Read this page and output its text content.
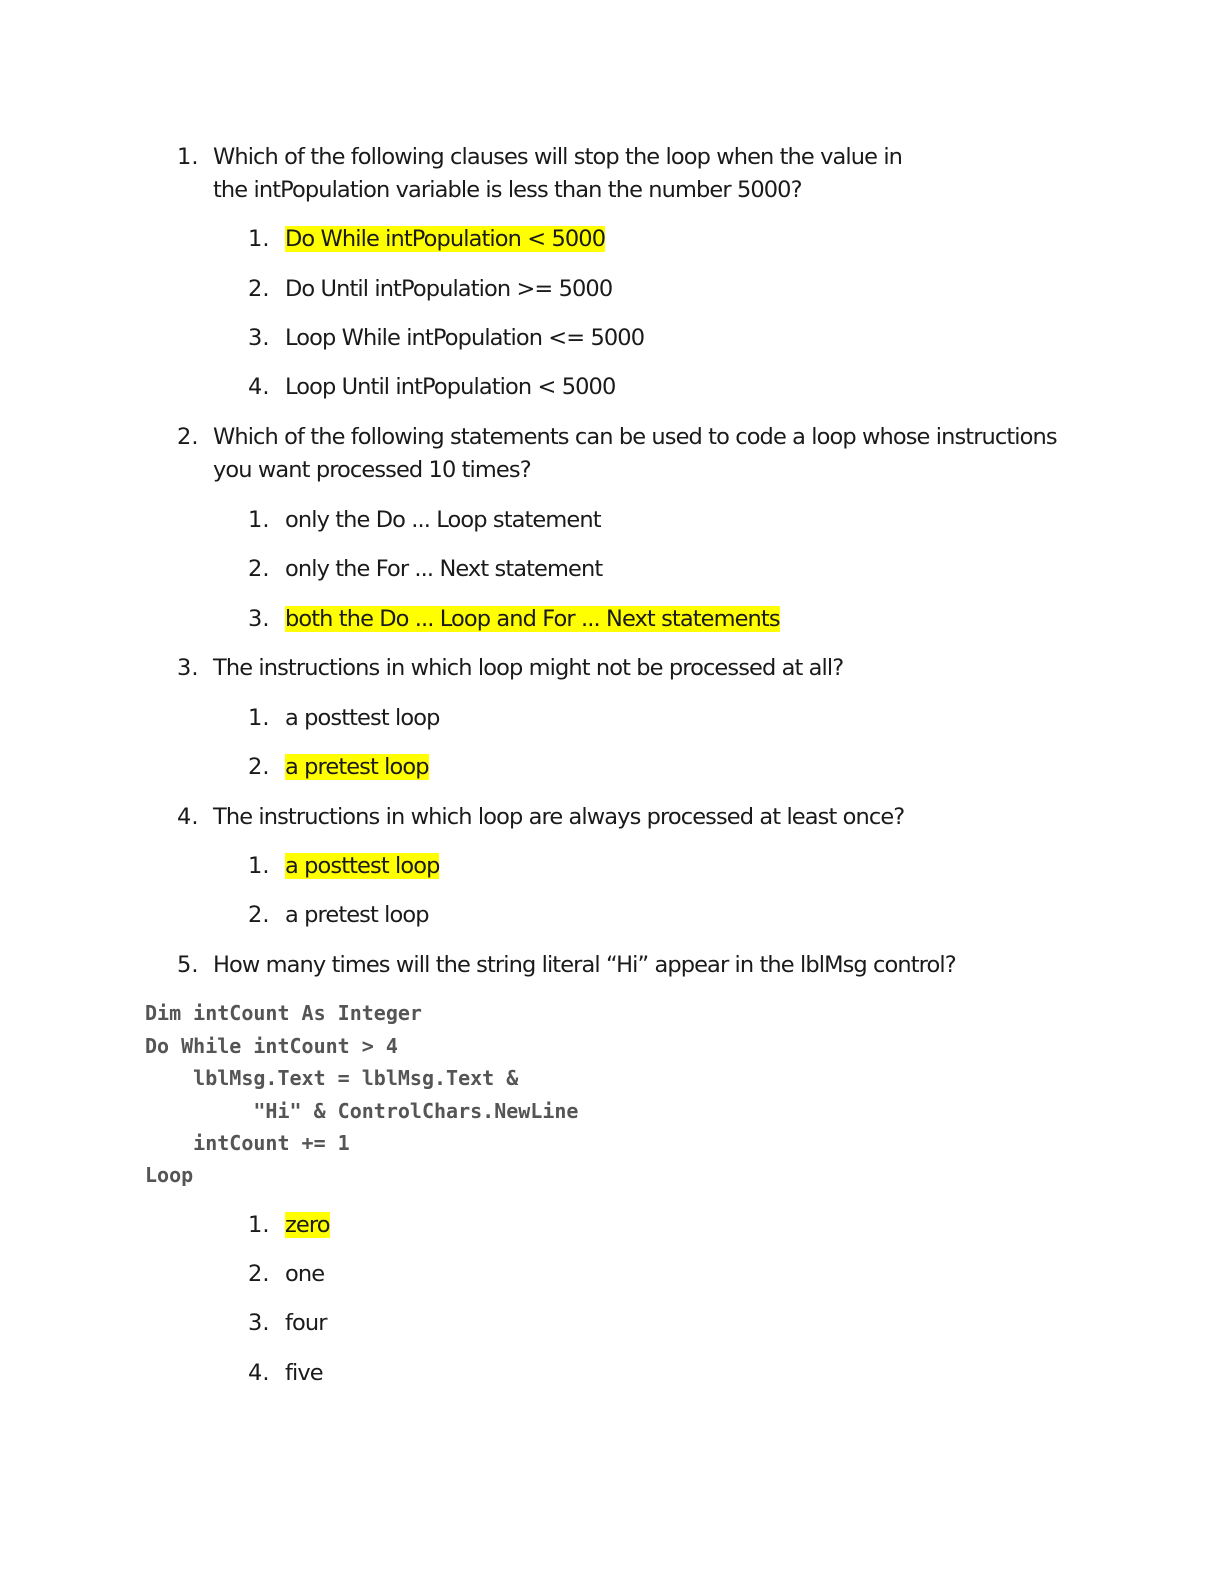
1. Which of the following clauses will stop the loop when the value in
the intPopulation variable is less than the number 5000?
1. Do While intPopulation < 5000
2. Do Until intPopulation >= 5000
3. Loop While intPopulation <= 5000
4. Loop Until intPopulation < 5000
2. Which of the following statements can be used to code a loop whose instructions
you want processed 10 times?
1. only the Do ... Loop statement
2. only the For ... Next statement
3. both the Do ... Loop and For ... Next statements
3. The instructions in which loop might not be processed at all?
1. a posttest loop
2. a pretest loop
4. The instructions in which loop are always processed at least once?
1. a posttest loop
2. a pretest loop
5. How many times will the string literal “Hi” appear in the lblMsg control?
Dim intCount As Integer
Do While intCount > 4
lblMsg.Text = lblMsg.Text &
"Hi" & ControlChars.NewLine
intCount += 1
Loop
1. zero
2. one
3. four
4. five
